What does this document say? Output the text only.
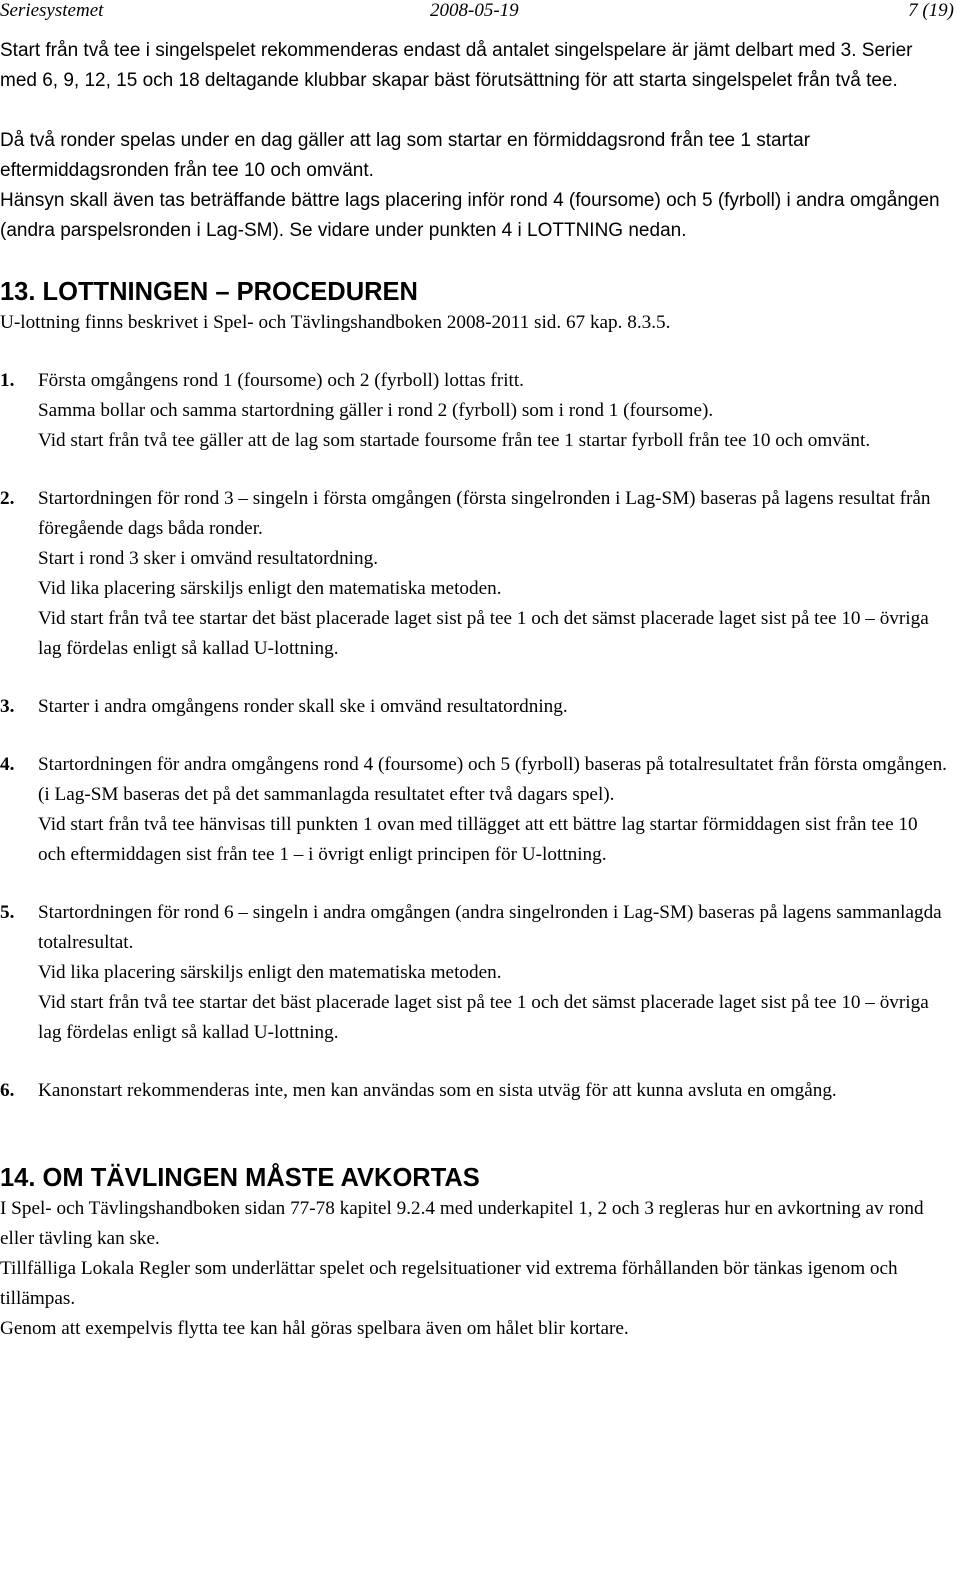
Seriesystemet	2008-05-19	7 (19)

Start från två tee i singelspelet rekommenderas endast då antalet singelspelare är jämt delbart med 3. Serier med 6, 9, 12, 15 och 18 deltagande klubbar skapar bäst förutsättning för att starta singelspelet från två tee.

Då två ronder spelas under en dag gäller att lag som startar en förmiddagsrond från tee 1 startar eftermiddagsronden från tee 10 och omvänt.

Hänsyn skall även tas beträffande bättre lags placering inför rond 4 (foursome) och 5 (fyrboll) i andra omgången (andra parspelsronden i Lag-SM). Se vidare under punkten 4 i LOTTNING nedan.

13. LOTTNINGEN – PROCEDUREN

U-lottning finns beskrivet i Spel- och Tävlingshandboken 2008-2011 sid. 67 kap. 8.3.5.

1.	Första omgångens rond 1 (foursome) och 2 (fyrboll) lottas fritt.

Samma bollar och samma startordning gäller i rond 2 (fyrboll) som i rond 1 (foursome).

Vid start från två tee gäller att de lag som startade foursome från tee 1 startar fyrboll från tee 10 och omvänt.

2.	Startordningen för rond 3 – singeln i första omgången (första singelronden i Lag-SM) baseras på lagens resultat från föregående dags båda ronder.

Start i rond 3 sker i omvänd resultatordning.

Vid lika placering särskiljs enligt den matematiska metoden.

Vid start från två tee startar det bäst placerade laget sist på tee 1 och det sämst placerade laget sist på tee 10 – övriga lag fördelas enligt så kallad U-lottning.

3.	Starter i andra omgångens ronder skall ske i omvänd resultatordning.

4.	Startordningen för andra omgångens rond 4 (foursome) och 5 (fyrboll) baseras på totalresultatet från första omgången. (i Lag-SM baseras det på det sammanlagda resultatet efter två dagars spel).

Vid start från två tee hänvisas till punkten 1 ovan med tillägget att ett bättre lag startar förmiddagen sist från tee 10 och eftermiddagen sist från tee 1 – i övrigt enligt principen för U-lottning.

5.	Startordningen för rond 6 – singeln i andra omgången (andra singelronden i Lag-SM) baseras på lagens sammanlagda totalresultat.

Vid lika placering särskiljs enligt den matematiska metoden.

Vid start från två tee startar det bäst placerade laget sist på tee 1 och det sämst placerade laget sist på tee 10 – övriga lag fördelas enligt så kallad U-lottning.

6.	Kanonstart rekommenderas inte, men kan användas som en sista utväg för att kunna avsluta en omgång.

14. OM TÄVLINGEN MÅSTE AVKORTAS

I Spel- och Tävlingshandboken sidan 77-78 kapitel 9.2.4 med underkapitel 1, 2 och 3 regleras hur en avkortning av rond eller tävling kan ske.

Tillfälliga Lokala Regler som underlättar spelet och regelsituationer vid extrema förhållanden bör tänkas igenom och tillämpas.

Genom att exempelvis flytta tee kan hål göras spelbara även om hålet blir kortare.
